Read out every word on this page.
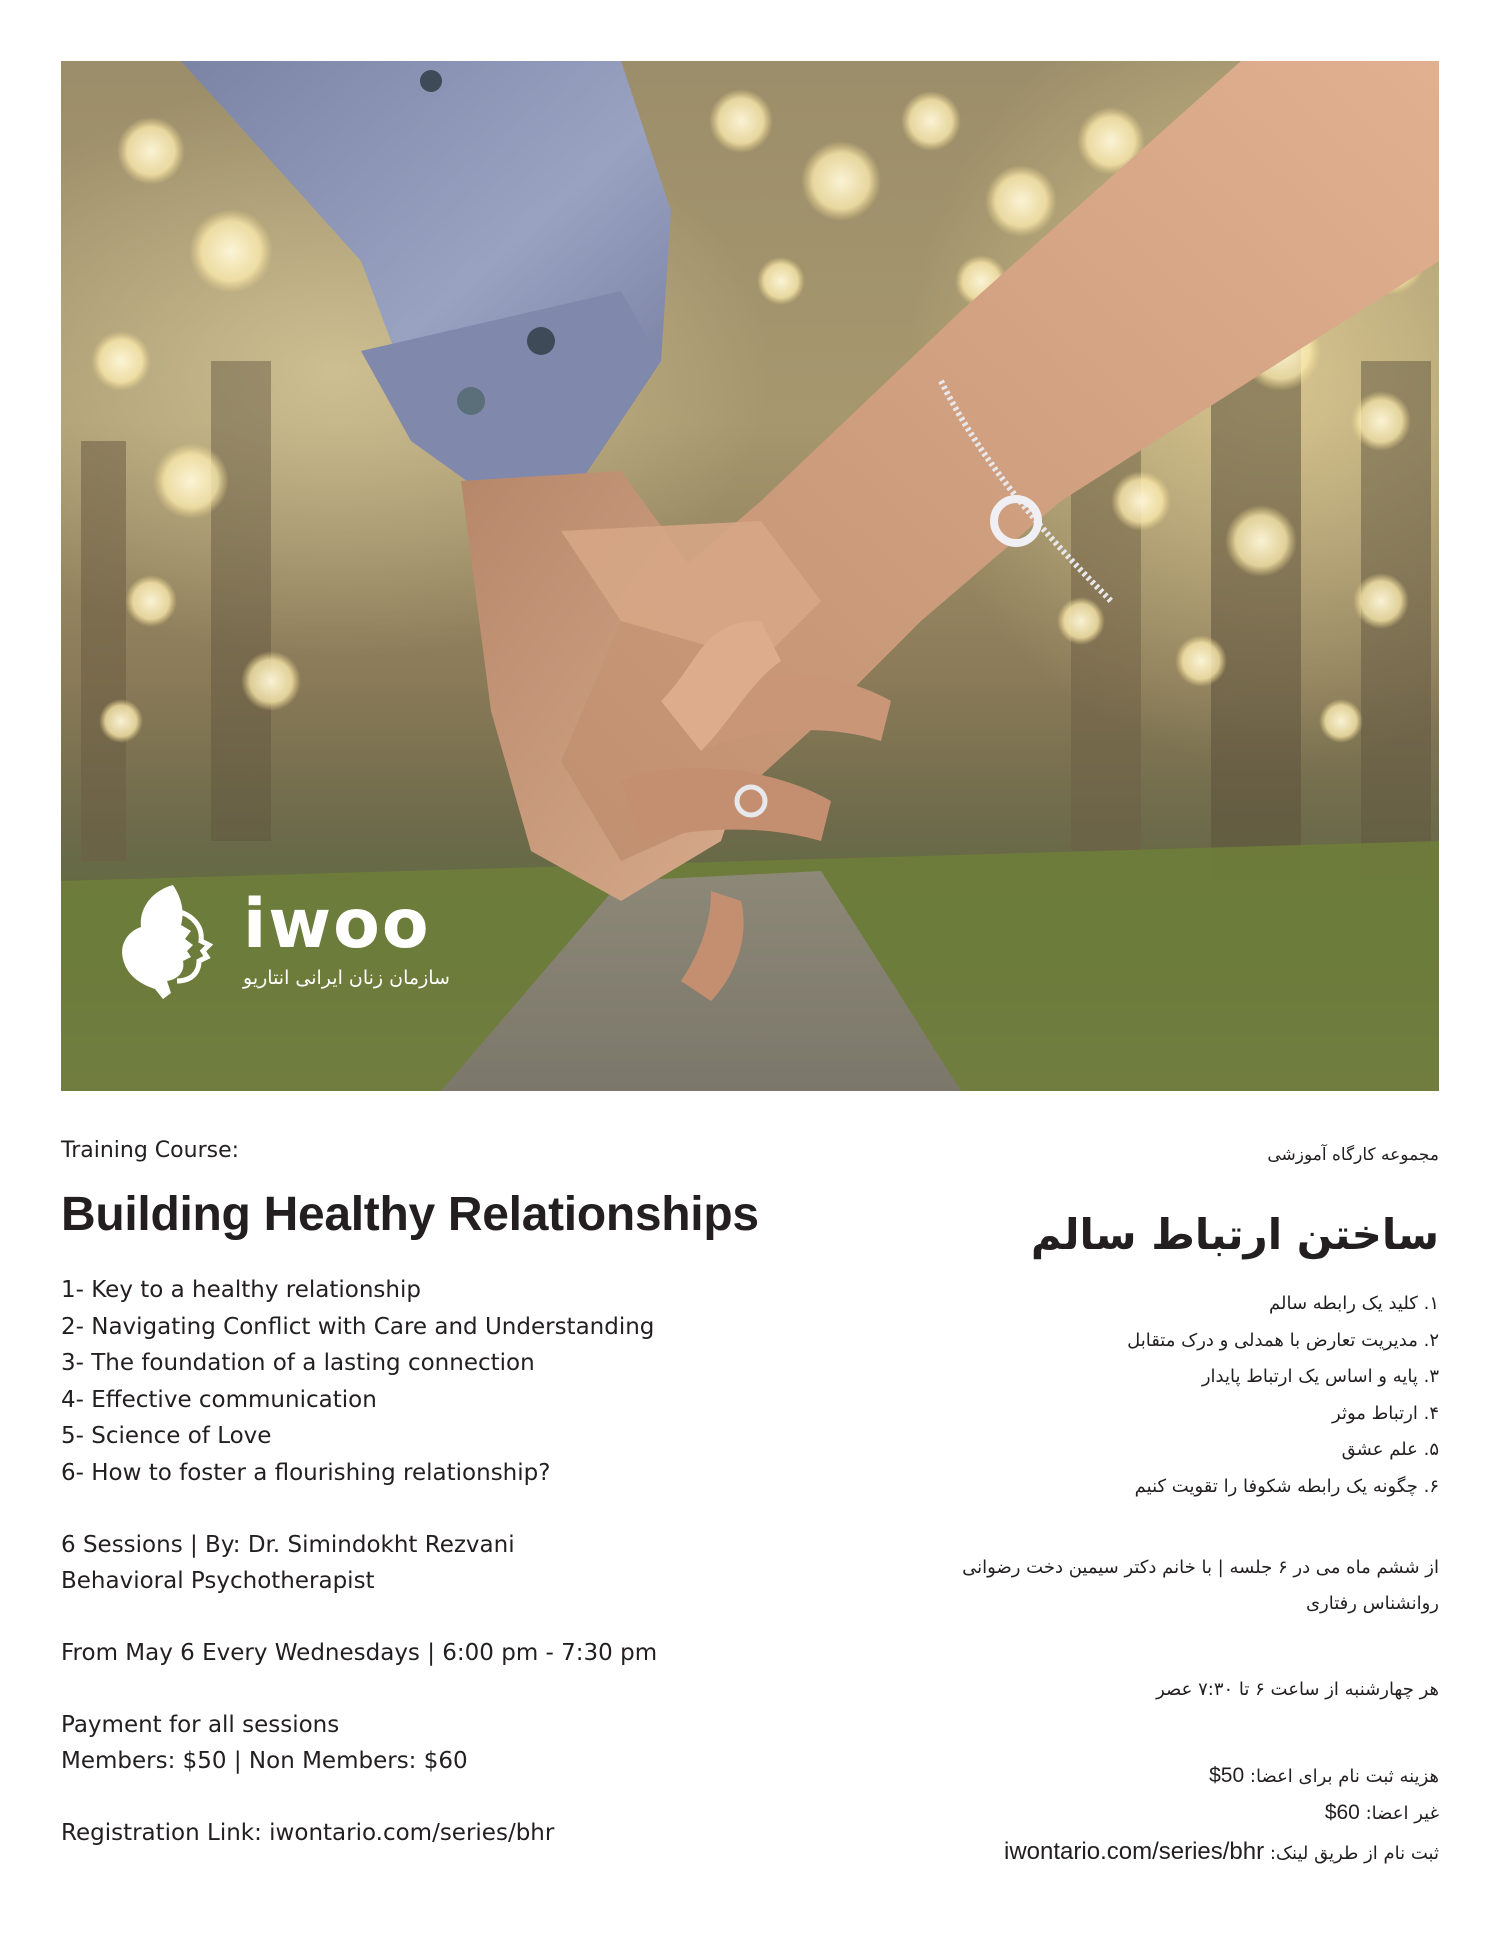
iwoo
سازمان زنان ایرانی انتاریو
Training Course:
Building Healthy Relationships
1- Key to a healthy relationship
2- Navigating Conflict with Care and Understanding
3- The foundation of a lasting connection
4- Effective communication
5- Science of Love
6- How to foster a flourishing relationship?
6 Sessions | By: Dr. Simindokht Rezvani
Behavioral Psychotherapist
From May 6 Every Wednesdays | 6:00 pm - 7:30 pm
Payment for all sessions
Members: $50 | Non Members: $60
Registration Link: iwontario.com/series/bhr
مجموعه کارگاه آموزشی
ساختن ارتباط سالم
۱. کلید یک رابطه سالم
۲. مدیریت تعارض با همدلی و درک متقابل
۳. پایه و اساس یک ارتباط پایدار
۴. ارتباط موثر
۵. علم عشق
۶. چگونه یک رابطه شکوفا را تقویت کنیم
از ششم ماه می در ۶ جلسه | با خانم دکتر سیمین دخت رضوانی
روانشناس رفتاری
هر چهارشنبه از ساعت ۶ تا ۷:۳۰ عصر
هزینه ثبت نام برای اعضا: $50
غیر اعضا: $60
ثبت نام از طریق لینک: iwontario.com/series/bhr
